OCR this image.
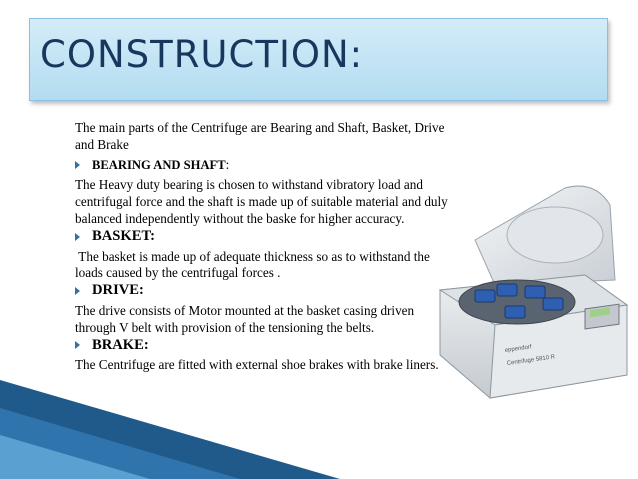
CONSTRUCTION:

The main parts of the Centrifuge are Bearing and Shaft, Basket, Drive and Brake

BEARING AND SHAFT:

The Heavy duty bearing is chosen to withstand vibratory load and centrifugal force and the shaft is made up of suitable material and duly balanced independently without the baske for higher accuracy.

BASKET:

The basket is made up of adequate thickness so as to withstand the loads caused by the centrifugal forces .

DRIVE:

The drive consists of Motor mounted at the basket casing driven through V belt with provision of the tensioning the belts.

BRAKE:

The Centrifuge are fitted with external shoe brakes with brake liners.

eppendorf
Centrifuge 5810 R
